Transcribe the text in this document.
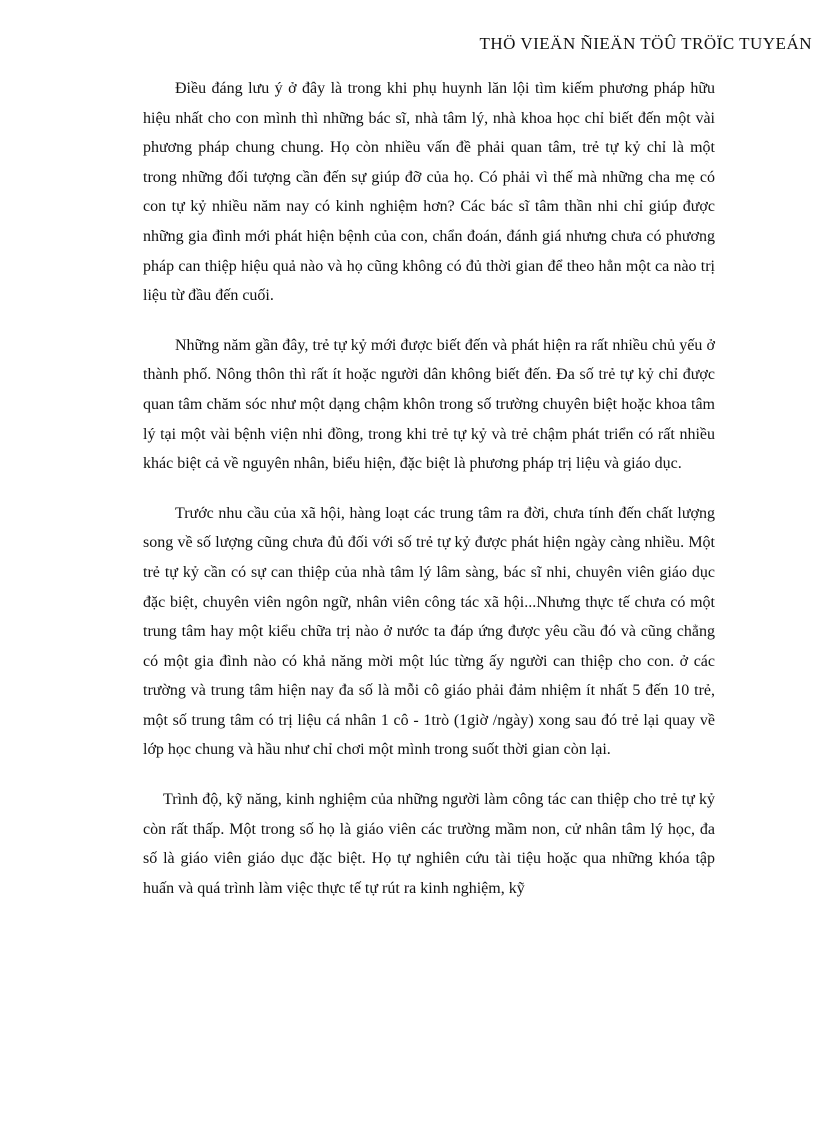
THÖ VIEÄN ÑIEÄN TÖÛ TRÖÏC TUYEÁN

Điều đáng lưu ý ở đây là trong khi phụ huynh lăn lội tìm kiếm phương pháp hữu hiệu nhất cho con mình thì những bác sĩ, nhà tâm lý, nhà khoa học chỉ biết đến một vài phương pháp chung chung. Họ còn nhiều vấn đề phải quan tâm, trẻ tự kỷ chỉ là một trong những đối tượng cần đến sự giúp đỡ của họ. Có phải vì thế mà những cha mẹ có con tự kỷ nhiều năm nay có kinh nghiệm hơn? Các bác sĩ tâm thần nhi chỉ giúp được những gia đình mới phát hiện bệnh của con, chẩn đoán, đánh giá nhưng chưa có phương pháp can thiệp hiệu quả nào và họ cũng không có đủ thời gian để theo hẳn một ca nào trị liệu từ đầu đến cuối.

Những năm gần đây, trẻ tự kỷ mới được biết đến và phát hiện ra rất nhiều chủ yếu ở thành phố. Nông thôn thì rất ít hoặc người dân không biết đến. Đa số trẻ tự kỷ chỉ được quan tâm chăm sóc như một dạng chậm khôn trong số trường chuyên biệt hoặc khoa tâm lý tại một vài bệnh viện nhi đồng, trong khi trẻ tự kỷ và trẻ chậm phát triển có rất nhiều khác biệt cả về nguyên nhân, biểu hiện, đặc biệt là phương pháp trị liệu và giáo dục.

Trước nhu cầu của xã hội, hàng loạt các trung tâm ra đời, chưa tính đến chất lượng song về số lượng cũng chưa đủ đối với số trẻ tự kỷ được phát hiện ngày càng nhiều. Một trẻ tự kỷ cần có sự can thiệp của nhà tâm lý lâm sàng, bác sĩ nhi, chuyên viên giáo dục đặc biệt, chuyên viên ngôn ngữ, nhân viên công tác xã hội...Nhưng thực tế chưa có một trung tâm hay một kiểu chữa trị nào ở nước ta đáp ứng được yêu cầu đó và cũng chẳng có một gia đình nào có khả năng mời một lúc từng ấy người can thiệp cho con. ở các trường và trung tâm hiện nay đa số là mỗi cô giáo phải đảm nhiệm ít nhất 5 đến 10 trẻ, một số trung tâm có trị liệu cá nhân 1 cô - 1trò (1giờ /ngày) xong sau đó trẻ lại quay về lớp học chung và hầu như chỉ chơi một mình trong suốt thời gian còn lại.

Trình độ, kỹ năng, kinh nghiệm của những người làm công tác can thiệp cho trẻ tự kỷ còn rất thấp. Một trong số họ là giáo viên các trường mầm non, cử nhân tâm lý học, đa số là giáo viên giáo dục đặc biệt. Họ tự nghiên cứu tài tiệu hoặc qua những khóa tập huấn và quá trình làm việc thực tế tự rút ra kinh nghiệm, kỹ
